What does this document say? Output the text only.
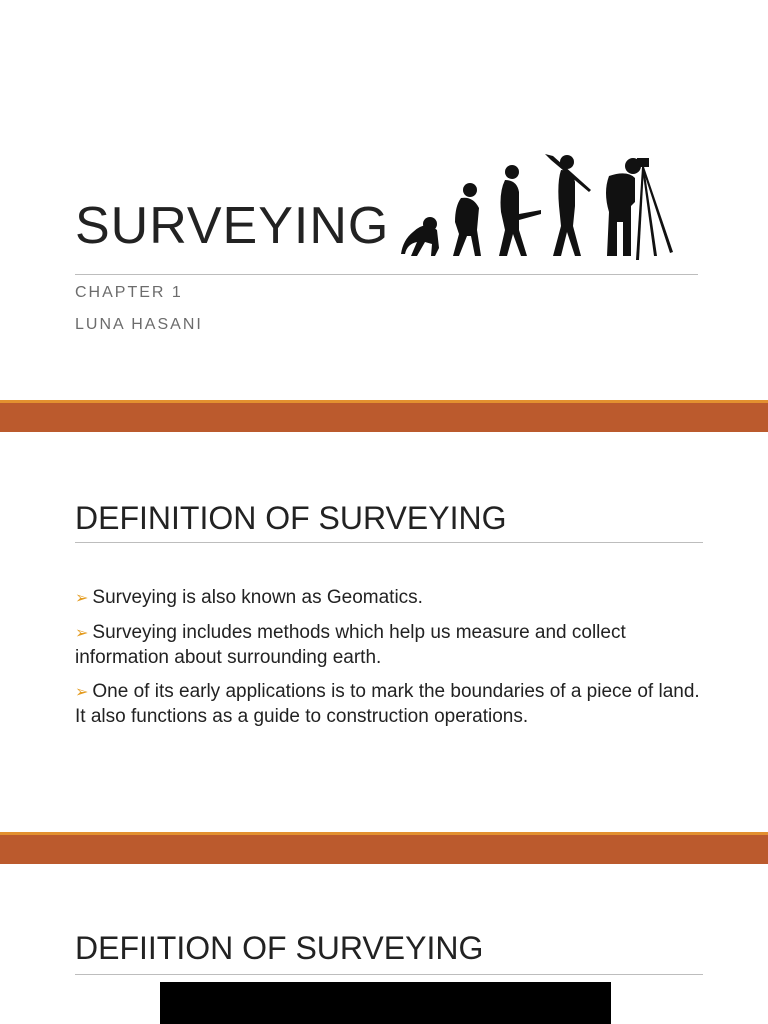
SURVEYING
CHAPTER 1
LUNA HASANI
DEFINITION OF SURVEYING
➢ Surveying is also known as Geomatics.
➢ Surveying includes methods which help us measure and collect information about surrounding earth.
➢ One of its early applications is to mark the boundaries of a piece of land. It also functions as a guide to construction operations.
DEFIITION OF SURVEYING
